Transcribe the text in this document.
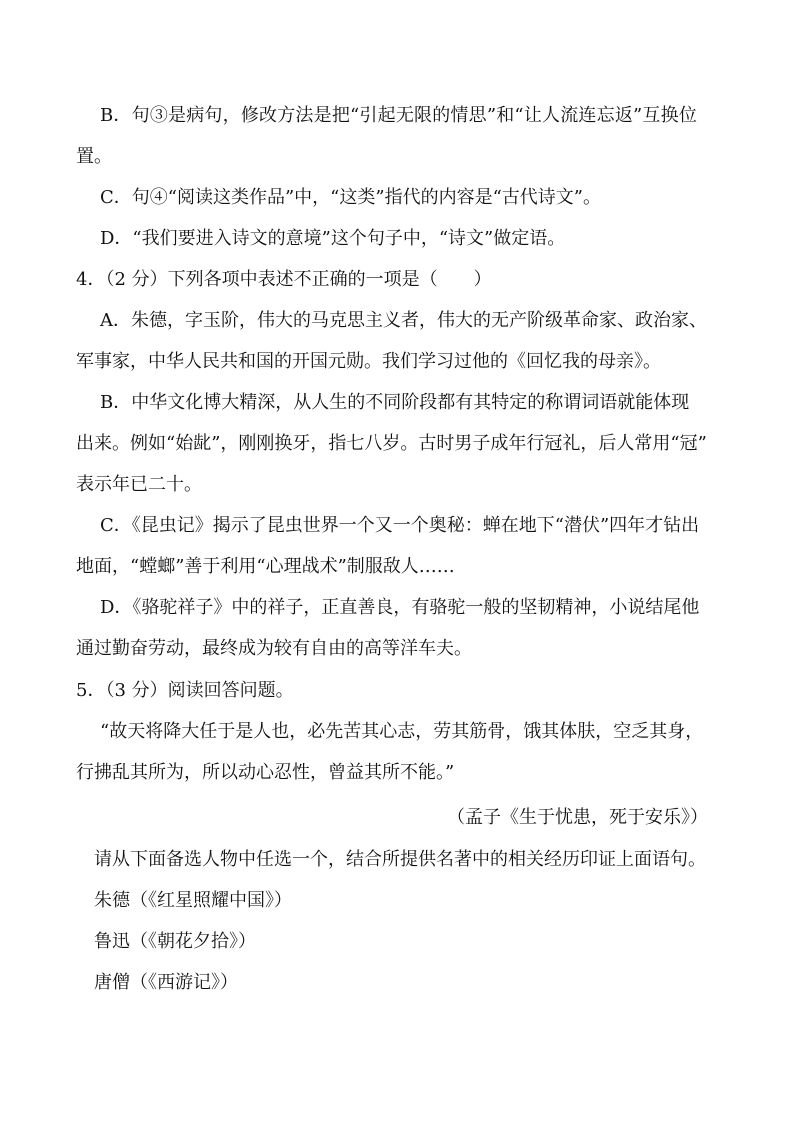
B．句③是病句，修改方法是把“引起无限的情思”和“让人流连忘返”互换位
置。
C．句④“阅读这类作品”中，“这类”指代的内容是“古代诗文”。
D．“我们要进入诗文的意境”这个句子中，“诗文”做定语。
4．（2 分）下列各项中表述不正确的一项是（　　）
A．朱德，字玉阶，伟大的马克思主义者，伟大的无产阶级革命家、政治家、
军事家，中华人民共和国的开国元勋。我们学习过他的《回忆我的母亲》。
B．中华文化博大精深，从人生的不同阶段都有其特定的称谓词语就能体现
出来。例如“始龀”，刚刚换牙，指七八岁。古时男子成年行冠礼，后人常用“冠”
表示年已二十。
C．《昆虫记》揭示了昆虫世界一个又一个奥秘：蝉在地下“潜伏”四年才钻出
地面，“螳螂”善于利用“心理战术”制服敌人……
D．《骆驼祥子》中的祥子，正直善良，有骆驼一般的坚韧精神，小说结尾他
通过勤奋劳动，最终成为较有自由的高等洋车夫。
5．（3 分）阅读回答问题。
“故天将降大任于是人也，必先苦其心志，劳其筋骨，饿其体肤，空乏其身，
行拂乱其所为，所以动心忍性，曾益其所不能。”
（孟子《生于忧患，死于安乐》）
请从下面备选人物中任选一个，结合所提供名著中的相关经历印证上面语句。
朱德（《红星照耀中国》）
鲁迅（《朝花夕拾》）
唐僧（《西游记》）
